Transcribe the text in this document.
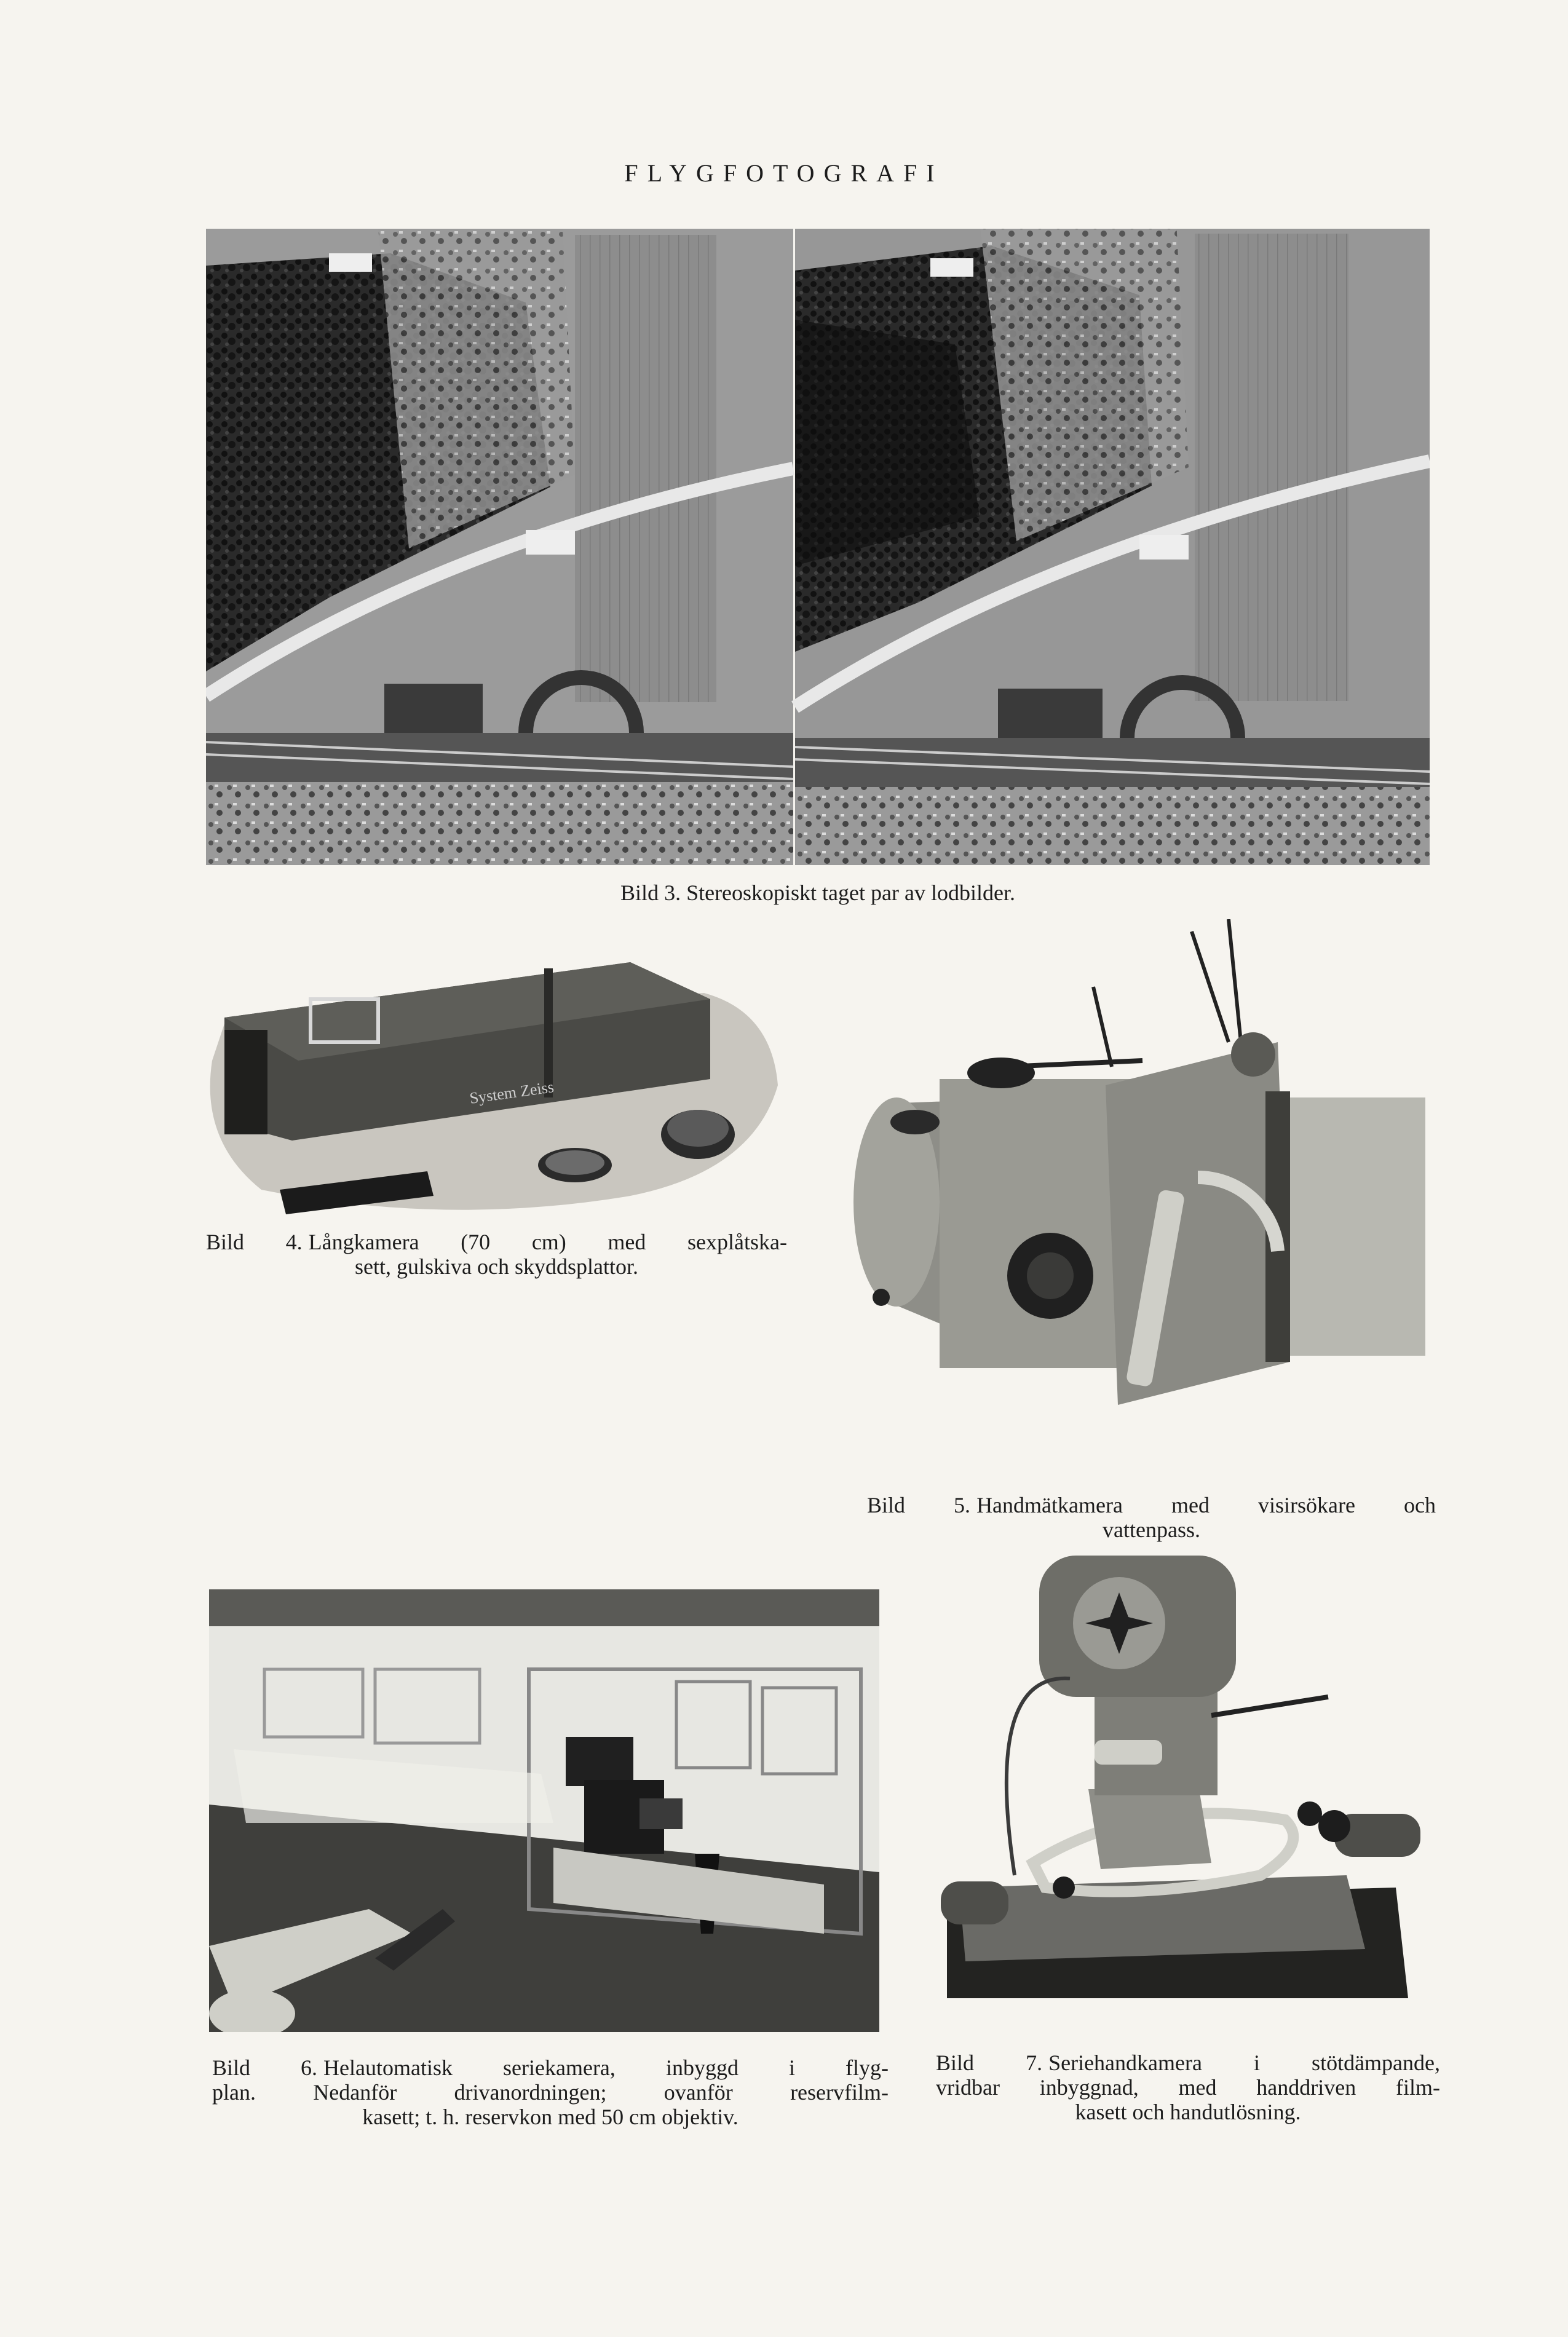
FLYGFOTOGRAFI
Bild 3. Stereoskopiskt taget par av lodbilder.
System Zeiss
Bild 4. Långkamera (70 cm) med sexplåtska-
sett, gulskiva och skyddsplattor.
Bild 5. Handmätkamera med visirsökare och
vattenpass.
Bild 6. Helautomatisk seriekamera, inbyggd i flyg-
plan. Nedanför drivanordningen; ovanför reservfilm-
kasett; t. h. reservkon med 50 cm objektiv.
Bild 7. Seriehandkamera i stötdämpande,
vridbar inbyggnad, med handdriven film-
kasett och handutlösning.
